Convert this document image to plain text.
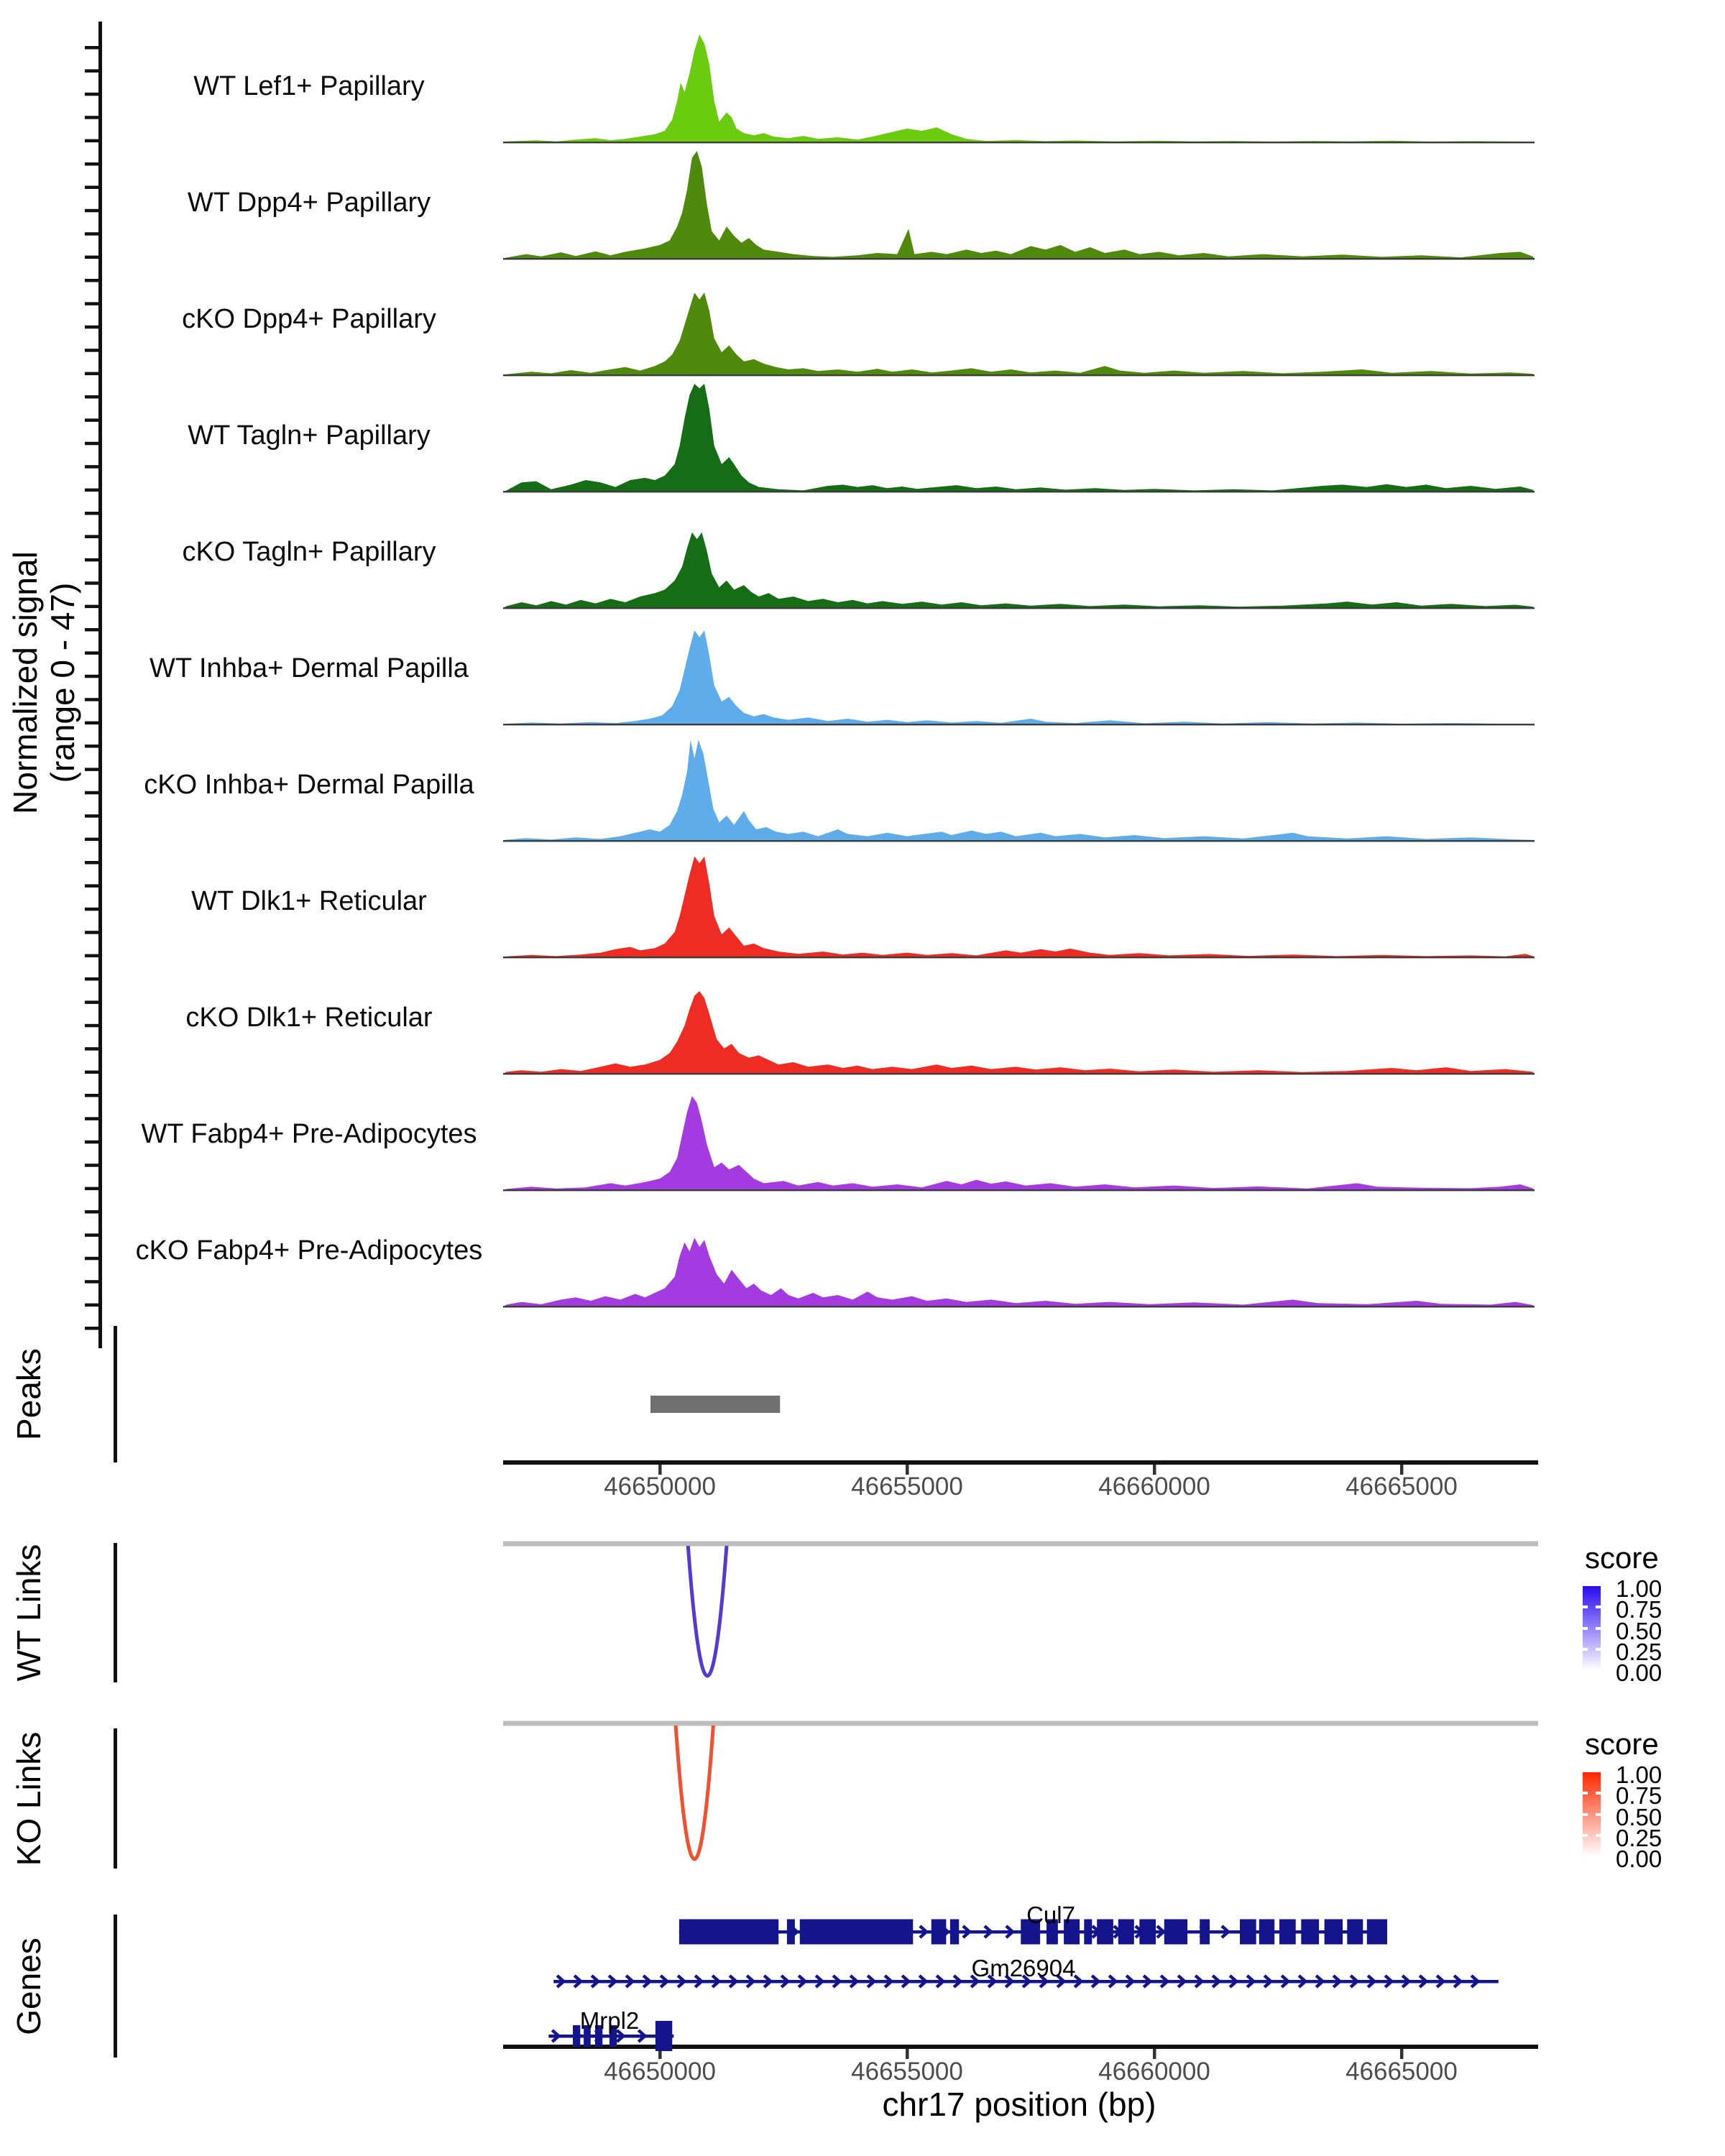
Normalized signal (range 0 - 47)
chr17 position (bp)
WT Lef1+ Papillary
WT Dpp4+ Papillary
cKO Dpp4+ Papillary
WT Tagln+ Papillary
cKO Tagln+ Papillary
WT Inhba+ Dermal Papilla
cKO Inhba+ Dermal Papilla
WT Dlk1+ Reticular
cKO Dlk1+ Reticular
WT Fabp4+ Pre-Adipocytes
cKO Fabp4+ Pre-Adipocytes
Peaks
WT Links
KO Links
Genes
46650000	46655000	46660000	46665000
46650000	46655000	46660000	46665000
score
1.00
0.75
0.50
0.25
0.00
score
1.00
0.75
0.50
0.25
0.00
Cul7
Gm26904
Mrpl2
